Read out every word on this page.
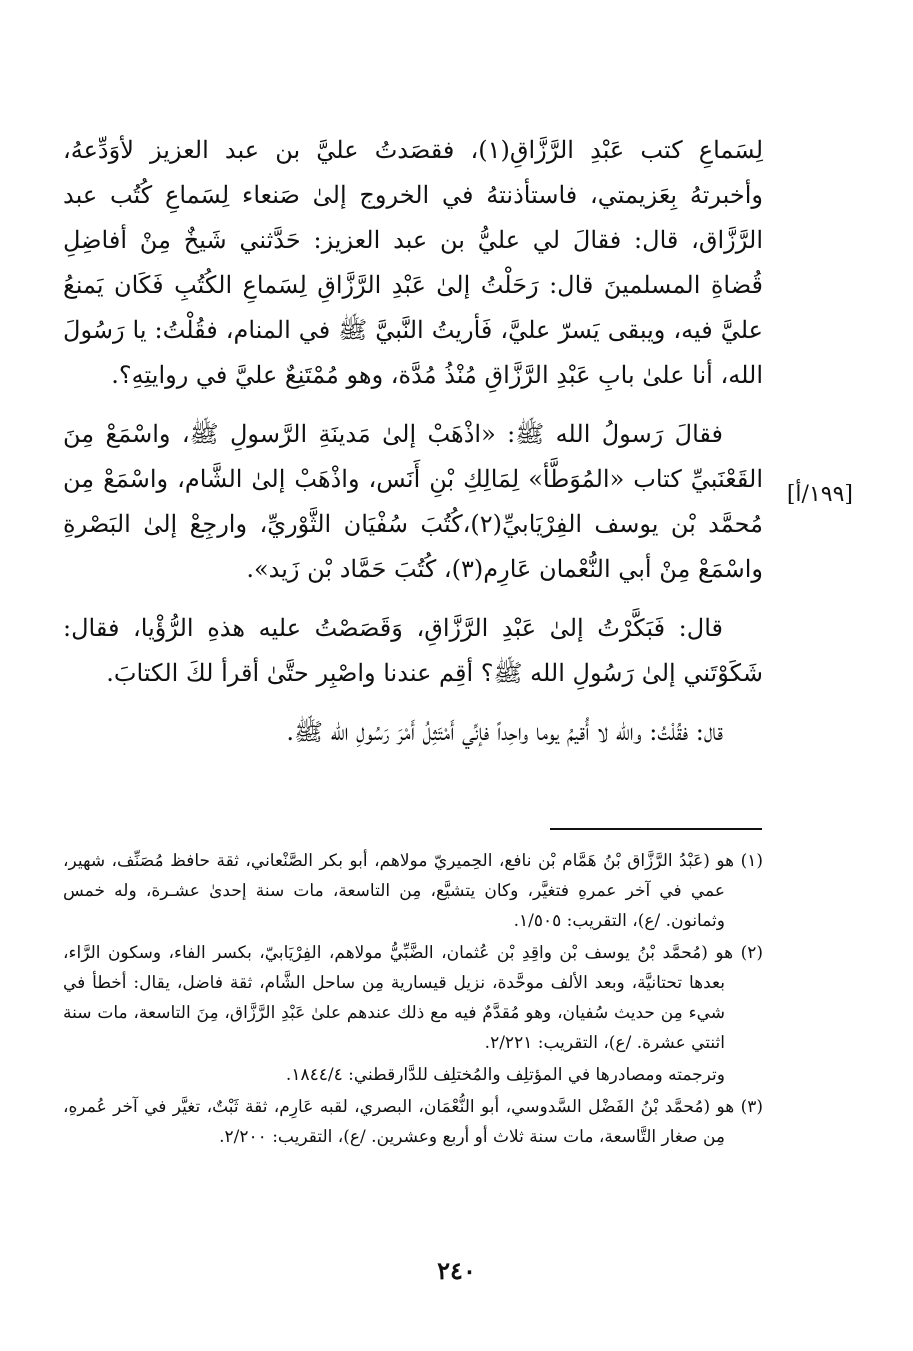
لِسَماعِ كتب عَبْدِ الرَّزَّاقِ(١)، فقصَدتُ عليَّ بن عبد العزيز لأوَدِّعهُ، وأخبرتهُ بِعَزيمتي، فاستأذنتهُ في الخروج إلىٰ صَنعاء لِسَماعِ كُتُب عبد الرَّزَّاق، قال: فقالَ لي عليُّ بن عبد العزيز: حَدَّثني شَيخٌ مِنْ أفاضِلِ قُضاةِ المسلمينَ قال: رَحَلْتُ إلىٰ عَبْدِ الرَّزَّاقِ لِسَماعِ الكُتُبِ فَكَان يَمنعُ عليَّ فيه، ويبقى يَسرّ عليَّ، فَأريتُ النَّبيَّ ﷺ في المنام، فقُلْتُ: يا رَسُولَ الله، أنا علىٰ بابِ عَبْدِ الرَّزَّاقِ مُنْذُ مُدَّة، وهو مُمْتَنِعٌ عليَّ في روايتِهِ؟.

فقالَ رَسولُ الله ﷺ: «اذْهَبْ إلىٰ مَدينَةِ الرَّسولِ ﷺ، واسْمَعْ مِنَ القَعْنَبيِّ كتاب «المُوَطَّأ» لِمَالِكِ بْنِ أَنَس، واذْهَبْ إلىٰ الشَّام، واسْمَعْ مِن مُحمَّد بْن يوسف الفِرْيَابيِّ(٢)،كُتُبَ سُفْيَان الثَّوْريِّ، وارجِعْ إلىٰ البَصْرةِ واسْمَعْ مِنْ أبي النُّعْمان عَارِم(٣)، كُتُبَ حَمَّاد بْن زَيد».

قال: فَبَكَّرْتُ إلىٰ عَبْدِ الرَّزَّاقِ، وَقَصَصْتُ عليه هذهِ الرُّؤْيا، فقال: شَكَوْتَني إلىٰ رَسُولِ الله ﷺ؟ أقِم عندنا واصْبِر حتَّىٰ أقرأ لكَ الكتابَ.

قال: فقُلْتُ: والله لا أُقيمُ يوما واحِداً فإنِّي أَمْتَثِلُ أَمْرَ رَسُولِ الله ﷺ.

[١٩٩/أ]

(١) هو (عَبْدُ الرَّزَّاق بْنُ هَمَّام بْن نافع، الحِميريّ مولاهم، أبو بكر الصَّنْعاني، ثقة حافظ مُصَنِّف، شهير، عمي في آخر عمرهِ فتغيَّر، وكان يتشيَّع، مِن التاسعة، مات سنة إحدىٰ عشـرة، وله خمس وثمانون. /ع)، التقريب: ١/٥٠٥.

(٢) هو (مُحمَّد بْنُ يوسف بْن واقِدِ بْن عُثمان، الضَّبِّيُّ مولاهم، الفِرْيَابيّ، بكسر الفاء، وسكون الرَّاء، بعدها تحتانيَّة، وبعد الألف موحَّدة، نزيل قيسارية مِن ساحل الشَّام، ثقة فاضل، يقال: أخطأ في شيء مِن حديث سُفيان، وهو مُقدَّمٌ فيه مع ذلك عندهم علىٰ عَبْدِ الرَّزَّاق، مِنَ التاسعة، مات سنة اثنتي عشرة. /ع)، التقريب: ٢/٢٢١.

وترجمته ومصادرها في المؤتلِف والمُختلِف للدَّارقطني: ١٨٤٤/٤.

(٣) هو (مُحمَّد بْنُ الفَضْل السَّدوسي، أبو النُّعْمَان، البصري، لقبه عَارِم، ثقة ثَبْتٌ، تغيَّر في آخر عُمرهِ، مِن صغار التَّاسعة، مات سنة ثلاث أو أربع وعشرين. /ع)، التقريب: ٢/٢٠٠.

٢٤٠
